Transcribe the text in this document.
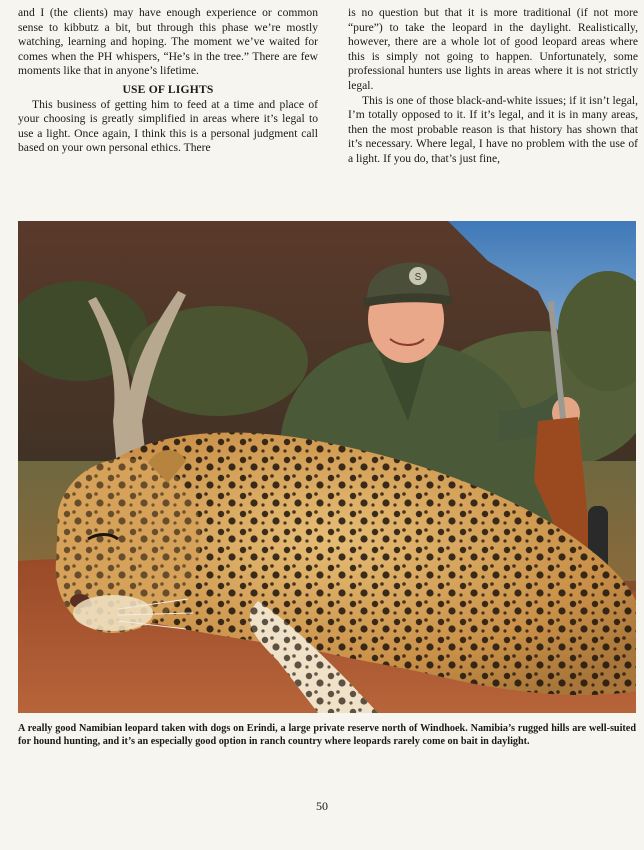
and I (the clients) may have enough experience or common sense to kibbutz a bit, but through this phase we’re mostly watching, learning and hoping. The moment we’ve waited for comes when the PH whispers, “He’s in the tree.” There are few moments like that in anyone’s lifetime.

USE OF LIGHTS

This business of getting him to feed at a time and place of your choosing is greatly simplified in areas where it’s legal to use a light. Once again, I think this is a personal judgment call based on your own personal ethics. There

is no question but that it is more traditional (if not more “pure”) to take the leopard in the daylight. Realistically, however, there are a whole lot of good leopard areas where this is simply not going to happen. Unfortunately, some professional hunters use lights in areas where it is not strictly legal.

This is one of those black-and-white issues; if it isn’t legal, I’m totally opposed to it. If it’s legal, and it is in many areas, then the most probable reason is that history has shown that it’s necessary. Where legal, I have no problem with the use of a light. If you do, that’s just fine,

S
A really good Namibian leopard taken with dogs on Erindi, a large private reserve north of Windhoek. Namibia’s rugged hills are well-suited for hound hunting, and it’s an especially good option in ranch country where leopards rarely come on bait in daylight.
50
